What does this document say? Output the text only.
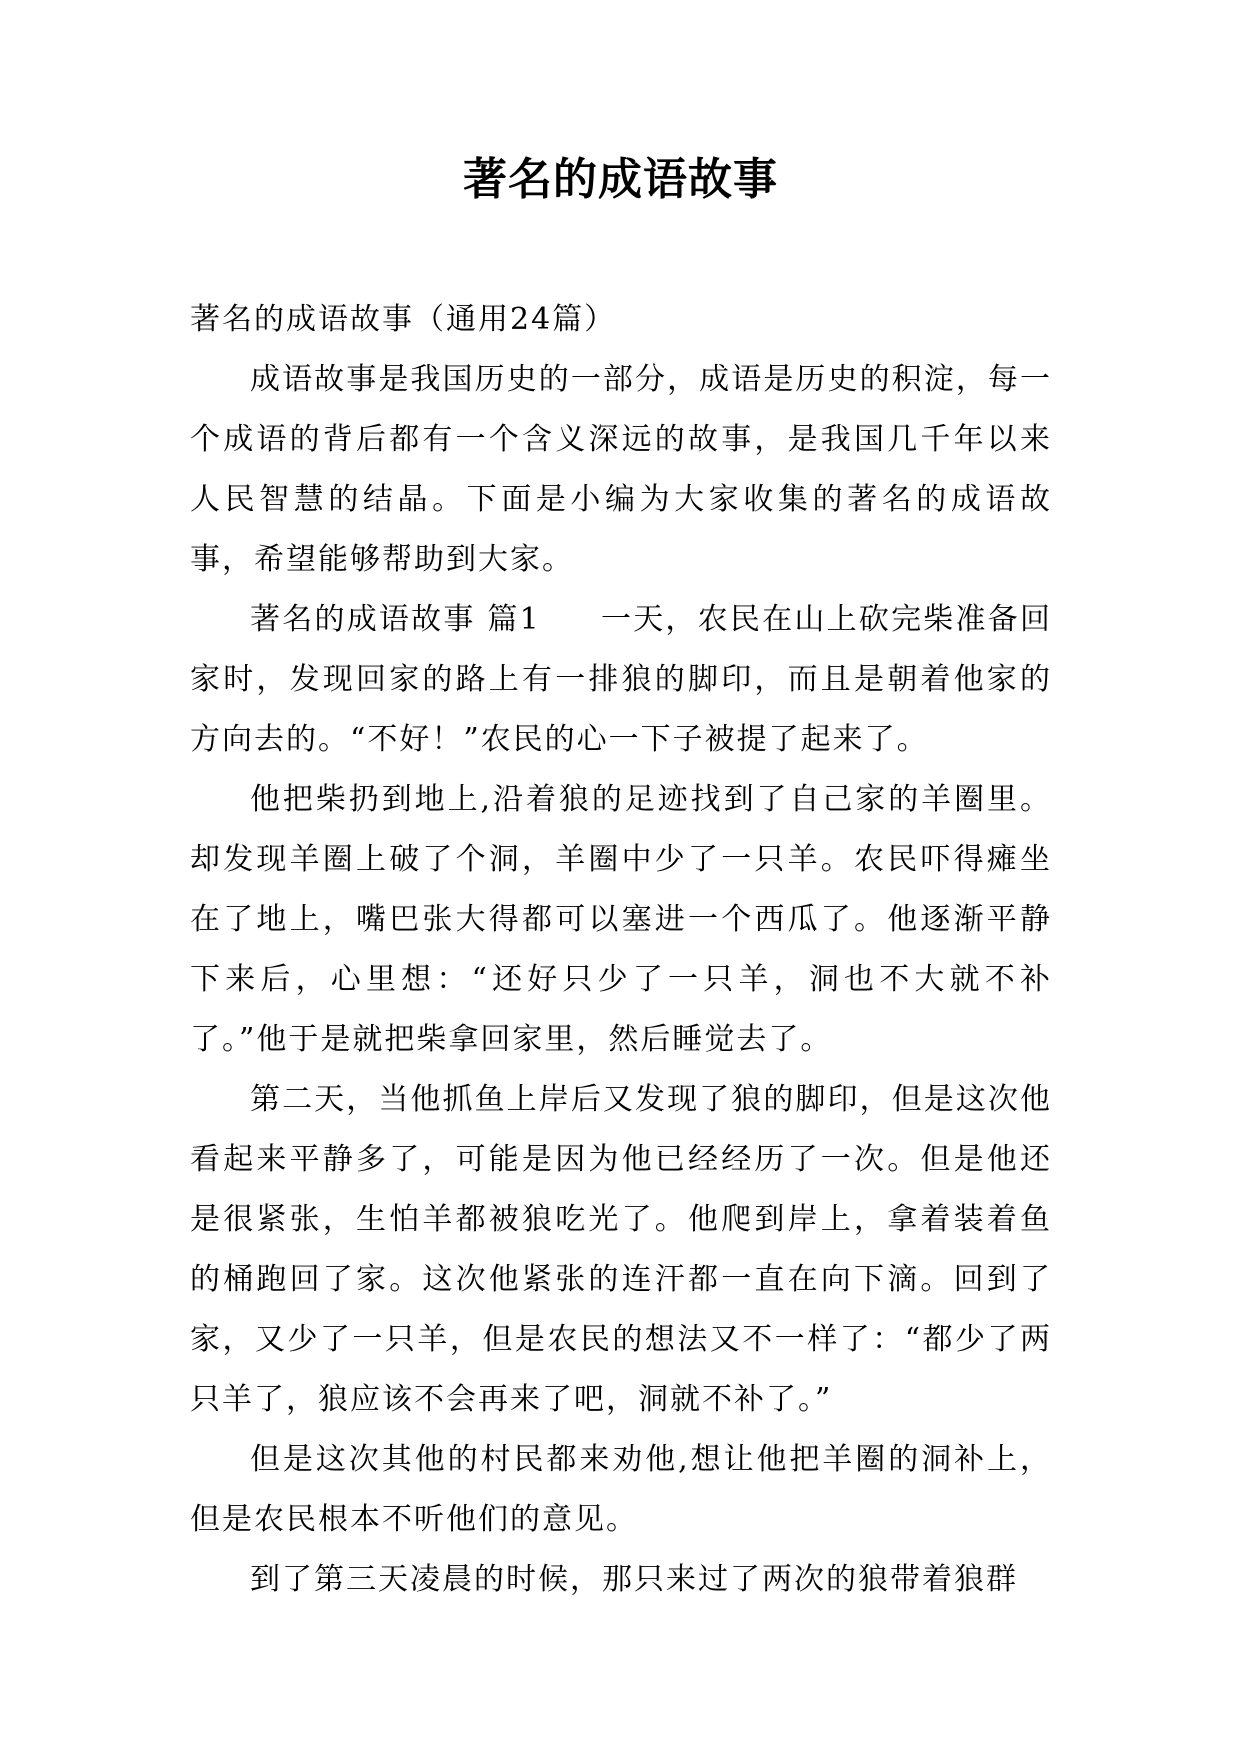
著名的成语故事

著名的成语故事（通用24篇）

成语故事是我国历史的一部分，成语是历史的积淀，每一个成语的背后都有一个含义深远的故事，是我国几千年以来人民智慧的结晶。下面是小编为大家收集的著名的成语故事，希望能够帮助到大家。

著名的成语故事 篇1 一天，农民在山上砍完柴准备回家时，发现回家的路上有一排狼的脚印，而且是朝着他家的方向去的。“不好！”农民的心一下子被提了起来了。

他把柴扔到地上,沿着狼的足迹找到了自己家的羊圈里。却发现羊圈上破了个洞，羊圈中少了一只羊。农民吓得瘫坐在了地上，嘴巴张大得都可以塞进一个西瓜了。他逐渐平静下来后，心里想：“还好只少了一只羊，洞也不大就不补了。”他于是就把柴拿回家里，然后睡觉去了。

第二天，当他抓鱼上岸后又发现了狼的脚印，但是这次他看起来平静多了，可能是因为他已经经历了一次。但是他还是很紧张，生怕羊都被狼吃光了。他爬到岸上，拿着装着鱼的桶跑回了家。这次他紧张的连汗都一直在向下滴。回到了家，又少了一只羊，但是农民的想法又不一样了：“都少了两只羊了，狼应该不会再来了吧，洞就不补了。”

但是这次其他的村民都来劝他,想让他把羊圈的洞补上，但是农民根本不听他们的意见。

到了第三天凌晨的时候，那只来过了两次的狼带着狼群
